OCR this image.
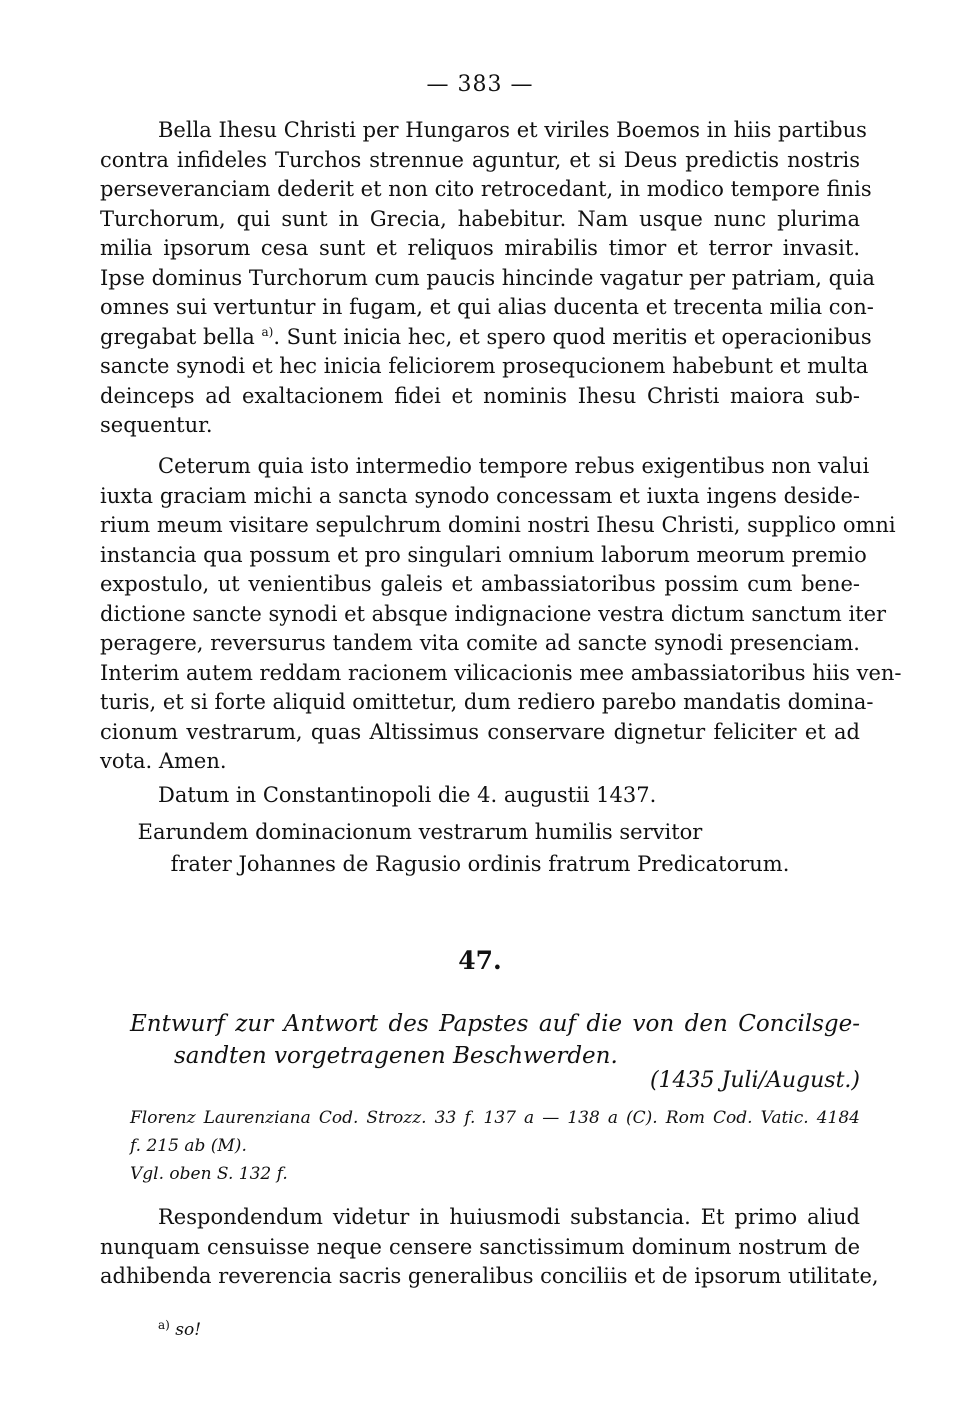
— 383 —
Bella Ihesu Christi per Hungaros et viriles Boemos in hiis partibus
contra infideles Turchos strennue aguntur, et si Deus predictis nostris
perseveranciam dederit et non cito retrocedant, in modico tempore finis
Turchorum, qui sunt in Grecia, habebitur. Nam usque nunc plurima
milia ipsorum cesa sunt et reliquos mirabilis timor et terror invasit.
Ipse dominus Turchorum cum paucis hincinde vagatur per patriam, quia
omnes sui vertuntur in fugam, et qui alias ducenta et trecenta milia con-
gregabat bella $^{a)}$. Sunt inicia hec, et spero quod meritis et operacionibus
sancte synodi et hec inicia feliciorem prosequcionem habebunt et multa
deinceps ad exaltacionem fidei et nominis Ihesu Christi maiora sub-
sequentur.
Ceterum quia isto intermedio tempore rebus exigentibus non valui
iuxta graciam michi a sancta synodo concessam et iuxta ingens deside-
rium meum visitare sepulchrum domini nostri Ihesu Christi, supplico omni
instancia qua possum et pro singulari omnium laborum meorum premio
expostulo, ut venientibus galeis et ambassiatoribus possim cum bene-
dictione sancte synodi et absque indignacione vestra dictum sanctum iter
peragere, reversurus tandem vita comite ad sancte synodi presenciam.
Interim autem reddam racionem vilicacionis mee ambassiatoribus hiis ven-
turis, et si forte aliquid omittetur, dum rediero parebo mandatis domina-
cionum vestrarum, quas Altissimus conservare dignetur feliciter et ad
vota. Amen.
Datum in Constantinopoli die 4. augustii 1437.
Earundem dominacionum vestrarum humilis servitor
frater Johannes de Ragusio ordinis fratrum Predicatorum.
47.
Entwurf zur Antwort des Papstes auf die von den Concilsge-
sandten vorgetragenen Beschwerden.
(1435 Juli/August.)
Florenz Laurenziana Cod. Strozz. 33 f. 137 a — 138 a (C). Rom Cod. Vatic. 4184
f. 215 ab (M).
Vgl. oben S. 132 f.
Respondendum videtur in huiusmodi substancia. Et primo aliud
nunquam censuisse neque censere sanctissimum dominum nostrum de
adhibenda reverencia sacris generalibus conciliis et de ipsorum utilitate,
$^{a)}$ so!
